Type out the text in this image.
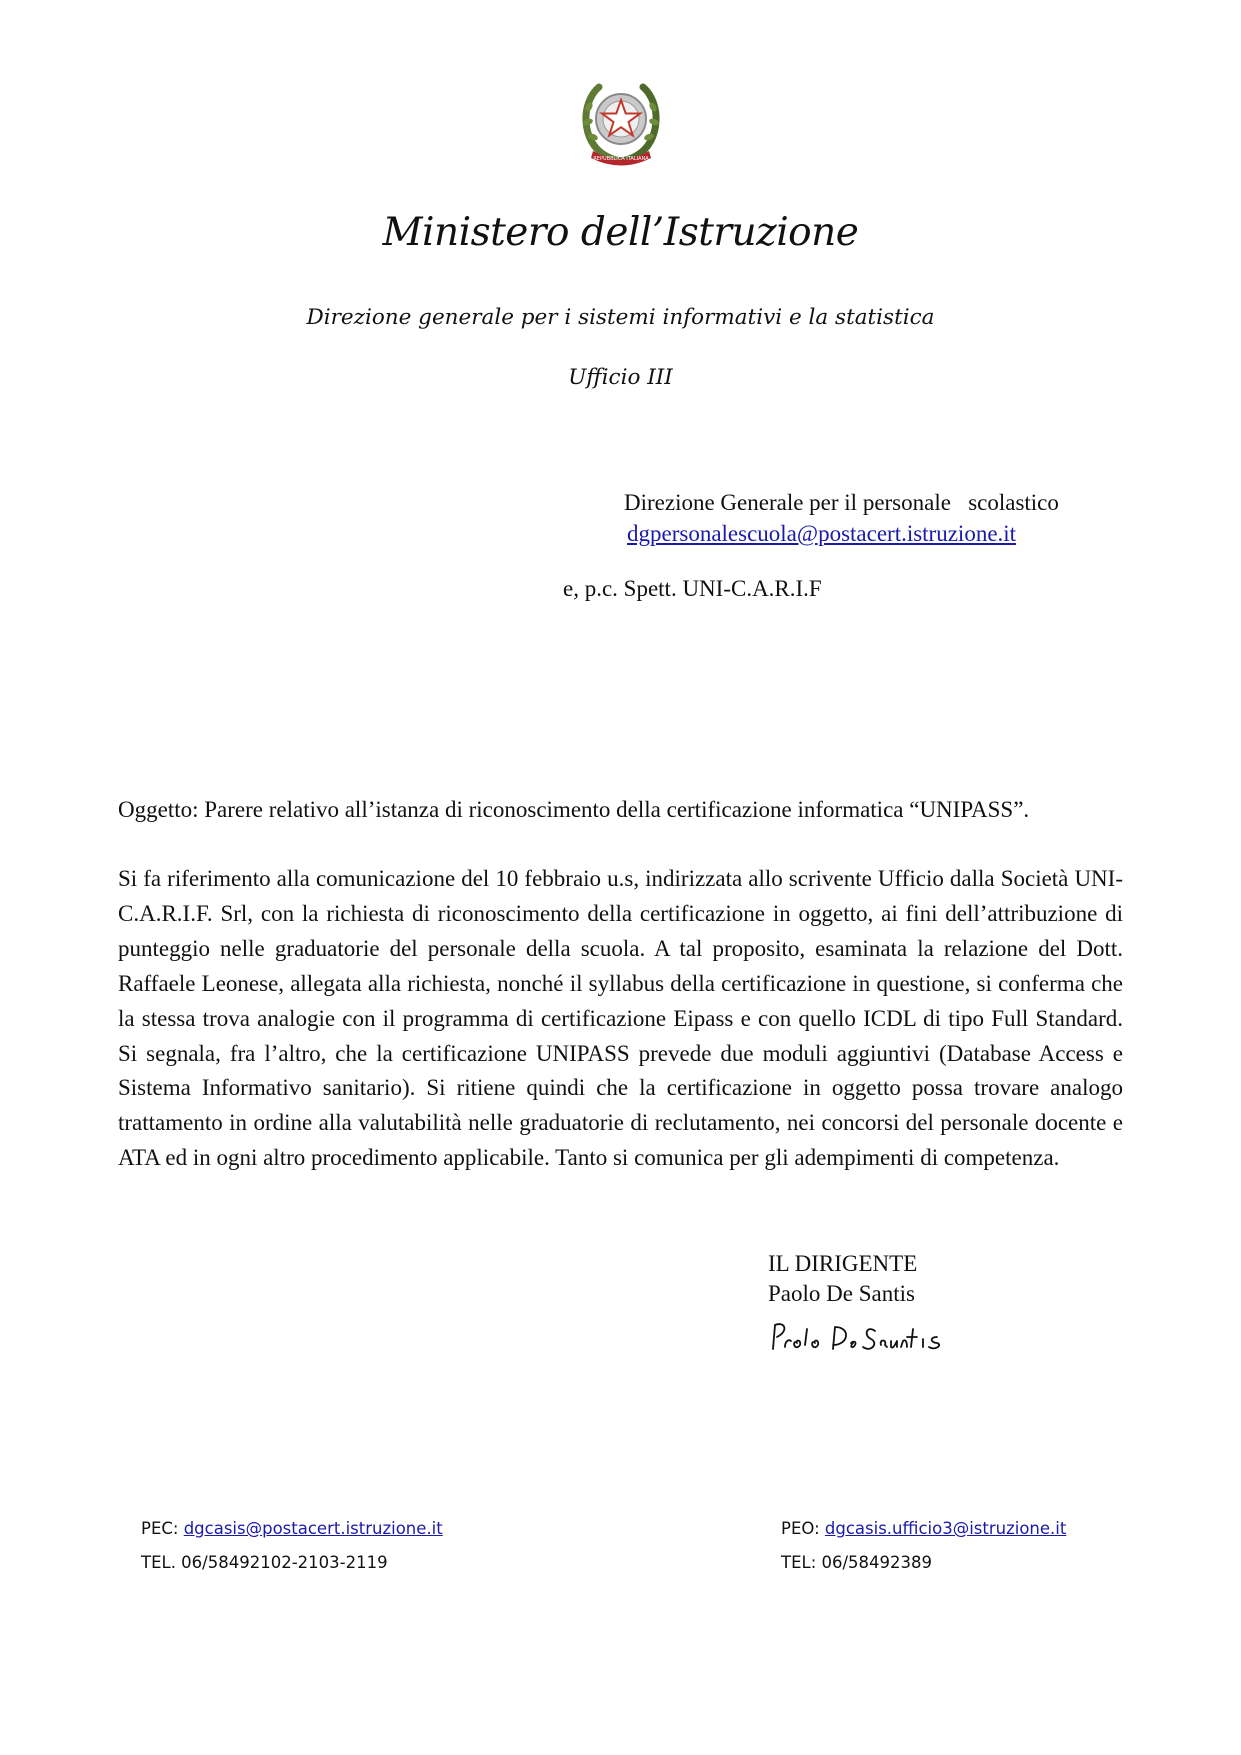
REPUBBLICA ITALIANA
Ministero dell’Istruzione
Direzione generale per i sistemi informativi e la statistica
Ufficio III
Direzione Generale per il personale   scolastico
dgpersonalescuola@postacert.istruzione.it
e, p.c. Spett. UNI-C.A.R.I.F
Oggetto: Parere relativo all’istanza di riconoscimento della certificazione informatica “UNIPASS”.
Si fa riferimento alla comunicazione del 10 febbraio u.s, indirizzata allo scrivente Ufficio dalla Società UNI-C.A.R.I.F. Srl, con la richiesta di riconoscimento della certificazione in oggetto, ai fini dell’attribuzione di punteggio nelle graduatorie del personale della scuola. A tal proposito, esaminata la relazione del Dott. Raffaele Leonese, allegata alla richiesta, nonché il syllabus della certificazione in questione, si conferma che la stessa trova analogie con il programma di certificazione Eipass e con quello ICDL di tipo Full Standard. Si segnala, fra l’altro, che la certificazione UNIPASS prevede due moduli aggiuntivi (Database Access e Sistema Informativo sanitario). Si ritiene quindi che la certificazione in oggetto possa trovare analogo trattamento in ordine alla valutabilità nelle graduatorie di reclutamento, nei concorsi del personale docente e ATA ed in ogni altro procedimento applicabile. Tanto si comunica per gli adempimenti di competenza.
IL DIRIGENTE
Paolo De Santis
PEC: dgcasis@postacert.istruzione.it
TEL. 06/58492102-2103-2119
PEO: dgcasis.ufficio3@istruzione.it
TEL: 06/58492389
